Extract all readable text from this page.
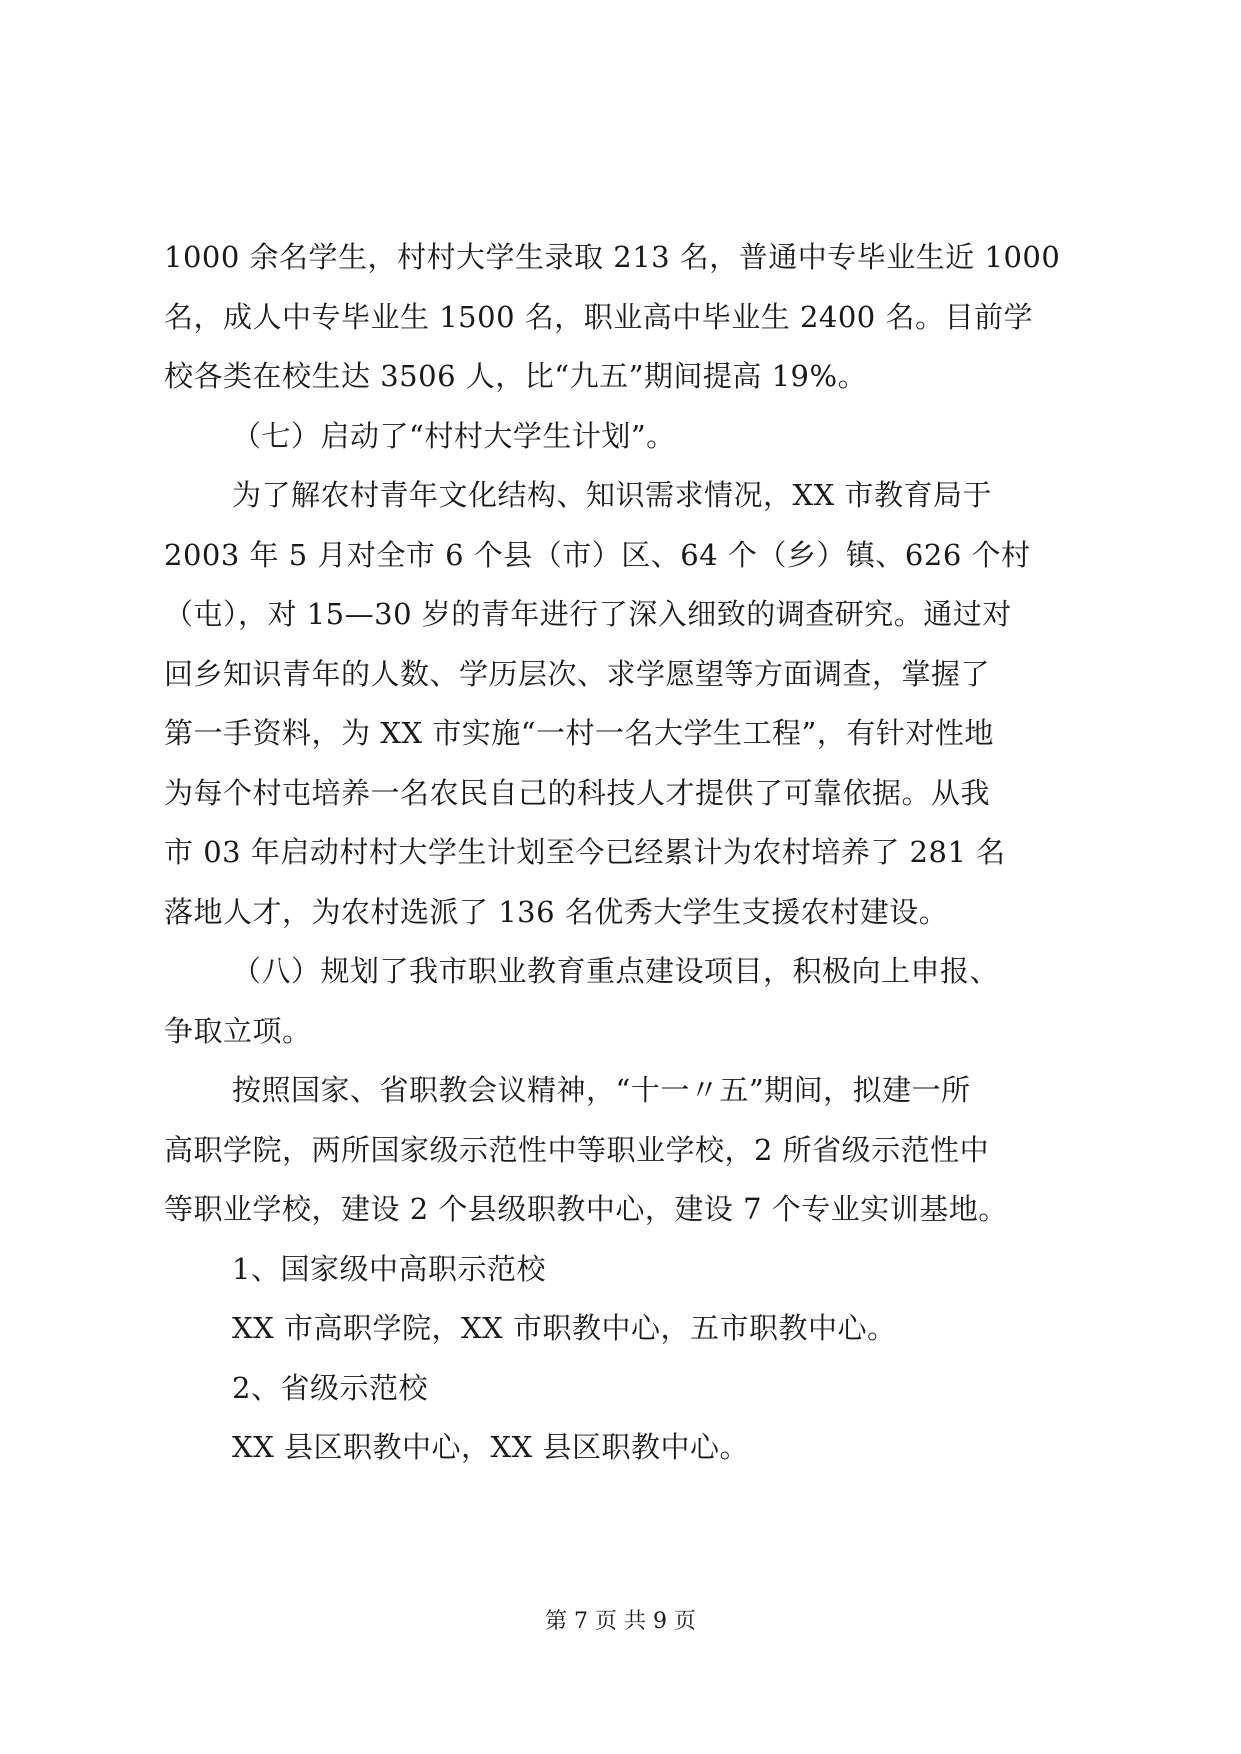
1000 余名学生，村村大学生录取 213 名，普通中专毕业生近 1000
名，成人中专毕业生 1500 名，职业高中毕业生 2400 名。目前学
校各类在校生达 3506 人，比“九五”期间提高 19%。
（七）启动了“村村大学生计划”。
为了解农村青年文化结构、知识需求情况，XX 市教育局于
2003 年 5 月对全市 6 个县（市）区、64 个（乡）镇、626 个村
（屯），对 15—30 岁的青年进行了深入细致的调查研究。通过对
回乡知识青年的人数、学历层次、求学愿望等方面调查，掌握了
第一手资料，为 XX 市实施“一村一名大学生工程”，有针对性地
为每个村屯培养一名农民自己的科技人才提供了可靠依据。从我
市 03 年启动村村大学生计划至今已经累计为农村培养了 281 名
落地人才，为农村选派了 136 名优秀大学生支援农村建设。
（八）规划了我市职业教育重点建设项目，积极向上申报、
争取立项。
按照国家、省职教会议精神，“十一〃五”期间，拟建一所
高职学院，两所国家级示范性中等职业学校，2 所省级示范性中
等职业学校，建设 2 个县级职教中心，建设 7 个专业实训基地。
1、国家级中高职示范校
XX 市高职学院，XX 市职教中心，五市职教中心。
2、省级示范校
XX 县区职教中心，XX 县区职教中心。
第 7 页 共 9 页
